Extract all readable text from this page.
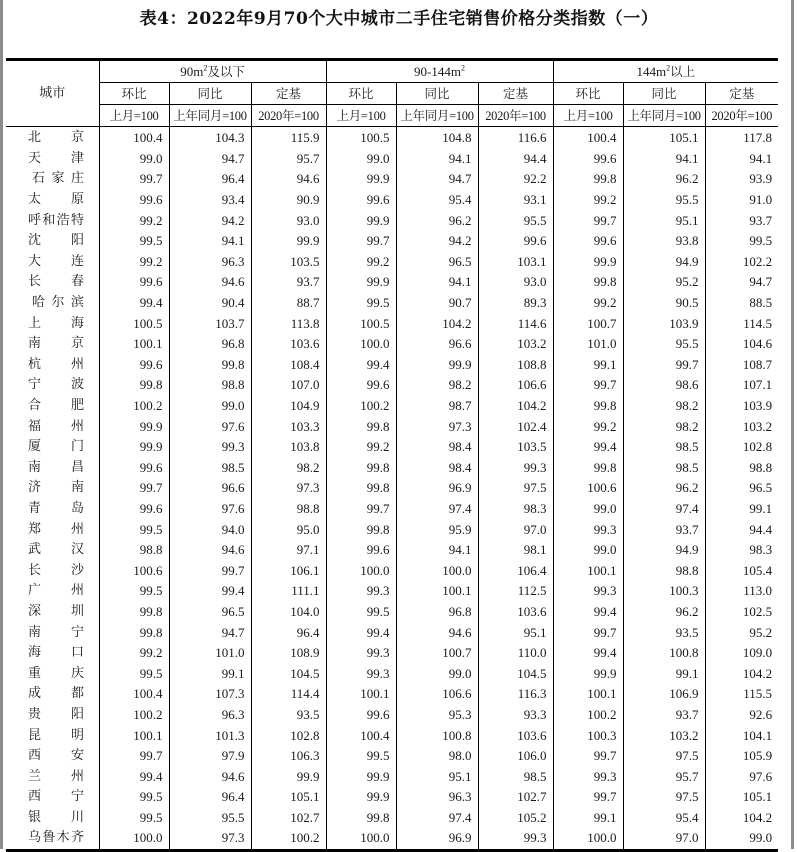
表4：2022年9月70个大中城市二手住宅销售价格分类指数（一）
城市	$90m^2$及以下			$90-144m^2$			$144m^2$以上		
	环比	同比	定基	环比	同比	定基	环比	同比	定基
	上月=100	上年同月=100	2020年=100	上月=100	上年同月=100	2020年=100	上月=100	上年同月=100	2020年=100

北 京	100.4	104.3	115.9	100.5	104.8	116.6	100.4	105.1	117.8

天 津	99.0	94.7	95.7	99.0	94.1	94.4	99.6	94.1	94.1

石 家 庄	99.7	96.4	94.6	99.9	94.7	92.2	99.8	96.2	93.9

太 原	99.6	93.4	90.9	99.6	95.4	93.1	99.2	95.5	91.0

呼 和 浩 特	99.2	94.2	93.0	99.9	96.2	95.5	99.7	95.1	93.7

沈 阳	99.5	94.1	99.9	99.7	94.2	99.6	99.6	93.8	99.5

大 连	99.2	96.3	103.5	99.2	96.5	103.1	99.9	94.9	102.2

长 春	99.6	94.6	93.7	99.9	94.1	93.0	99.8	95.2	94.7

哈 尔 滨	99.4	90.4	88.7	99.5	90.7	89.3	99.2	90.5	88.5

上 海	100.5	103.7	113.8	100.5	104.2	114.6	100.7	103.9	114.5

南 京	100.1	96.8	103.6	100.0	96.6	103.2	101.0	95.5	104.6

杭 州	99.6	99.8	108.4	99.4	99.9	108.8	99.1	99.7	108.7

宁 波	99.8	98.8	107.0	99.6	98.2	106.6	99.7	98.6	107.1

合 肥	100.2	99.0	104.9	100.2	98.7	104.2	99.8	98.2	103.9

福 州	99.9	97.6	103.3	99.8	97.3	102.4	99.2	98.2	103.2

厦 门	99.9	99.3	103.8	99.2	98.4	103.5	99.4	98.5	102.8

南 昌	99.6	98.5	98.2	99.8	98.4	99.3	99.8	98.5	98.8

济 南	99.7	96.6	97.3	99.8	96.9	97.5	100.6	96.2	96.5

青 岛	99.6	97.6	98.8	99.7	97.4	98.3	99.0	97.4	99.1

郑 州	99.5	94.0	95.0	99.8	95.9	97.0	99.3	93.7	94.4

武 汉	98.8	94.6	97.1	99.6	94.1	98.1	99.0	94.9	98.3

长 沙	100.6	99.7	106.1	100.0	100.0	106.4	100.1	98.8	105.4

广 州	99.5	99.4	111.1	99.3	100.1	112.5	99.3	100.3	113.0

深 圳	99.8	96.5	104.0	99.5	96.8	103.6	99.4	96.2	102.5

南 宁	99.8	94.7	96.4	99.4	94.6	95.1	99.7	93.5	95.2

海 口	99.2	101.0	108.9	99.3	100.7	110.0	99.4	100.8	109.0

重 庆	99.5	99.1	104.5	99.3	99.0	104.5	99.9	99.1	104.2

成 都	100.4	107.3	114.4	100.1	106.6	116.3	100.1	106.9	115.5

贵 阳	100.2	96.3	93.5	99.6	95.3	93.3	100.2	93.7	92.6

昆 明	100.1	101.3	102.8	100.4	100.8	103.6	100.3	103.2	104.1

西 安	99.7	97.9	106.3	99.5	98.0	106.0	99.7	97.5	105.9

兰 州	99.4	94.6	99.9	99.9	95.1	98.5	99.3	95.7	97.6

西 宁	99.5	96.4	105.1	99.9	96.3	102.7	99.7	97.5	105.1

银 川	99.5	95.5	102.7	99.8	97.4	105.2	99.1	95.4	104.2

乌 鲁 木 齐	100.0	97.3	100.2	100.0	96.9	99.3	100.0	97.0	99.0
